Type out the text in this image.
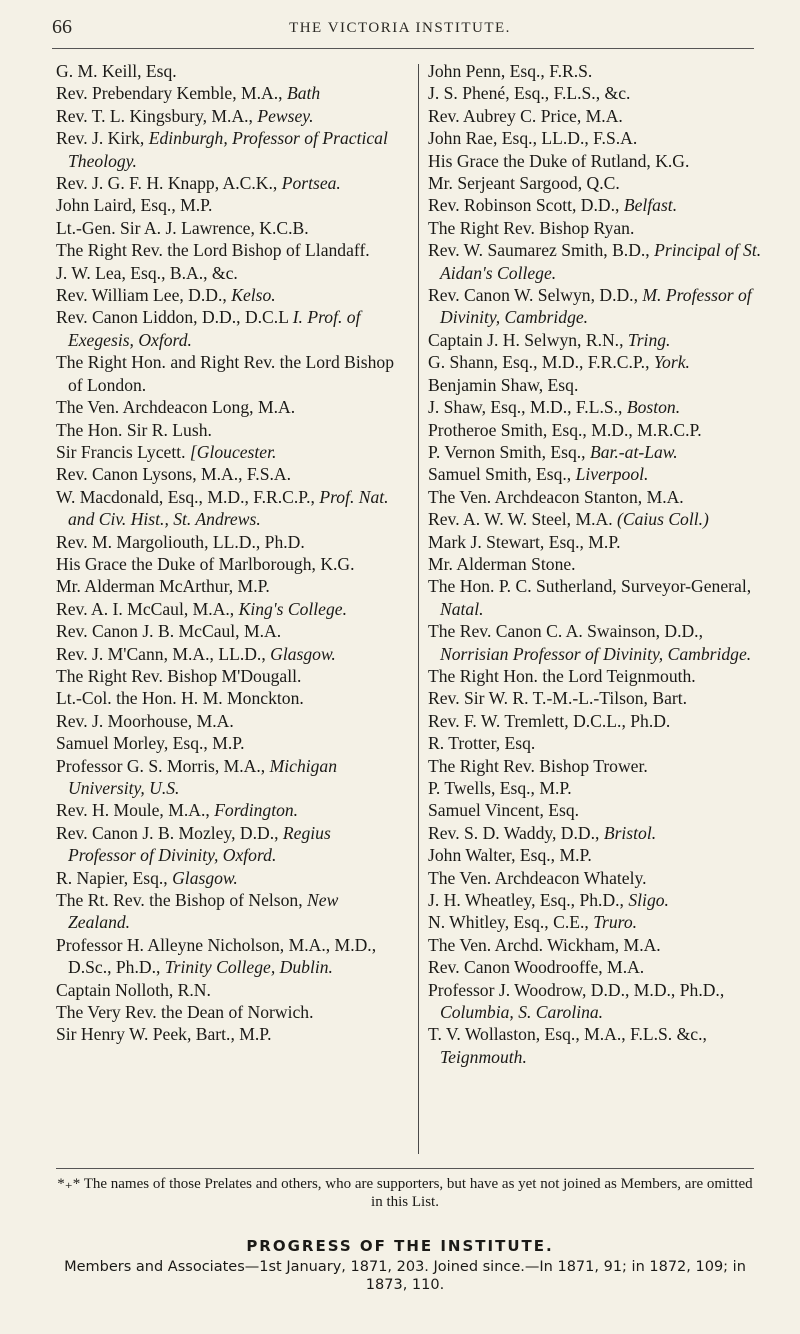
66	THE VICTORIA INSTITUTE.

G. M. Keill, Esq.

Rev. Prebendary Kemble, M.A., Bath

Rev. T. L. Kingsbury, M.A., Pewsey.

Rev. J. Kirk, Edinburgh, Professor of Practical Theology.

Rev. J. G. F. H. Knapp, A.C.K., Portsea.

John Laird, Esq., M.P.

Lt.-Gen. Sir A. J. Lawrence, K.C.B.

The Right Rev. the Lord Bishop of Llandaff.

J. W. Lea, Esq., B.A., &c.

Rev. William Lee, D.D., Kelso.

Rev. Canon Liddon, D.D., D.C.L I. Prof. of Exegesis, Oxford.

The Right Hon. and Right Rev. the Lord Bishop of London.

The Ven. Archdeacon Long, M.A.

The Hon. Sir R. Lush.

Sir Francis Lycett. [Gloucester.

Rev. Canon Lysons, M.A., F.S.A.

W. Macdonald, Esq., M.D., F.R.C.P., Prof. Nat. and Civ. Hist., St. Andrews.

Rev. M. Margoliouth, LL.D., Ph.D.

His Grace the Duke of Marlborough, K.G.

Mr. Alderman McArthur, M.P.

Rev. A. I. McCaul, M.A., King's College.

Rev. Canon J. B. McCaul, M.A.

Rev. J. M'Cann, M.A., LL.D., Glasgow.

The Right Rev. Bishop M'Dougall.

Lt.-Col. the Hon. H. M. Monckton.

Rev. J. Moorhouse, M.A.

Samuel Morley, Esq., M.P.

Professor G. S. Morris, M.A., Michigan University, U.S.

Rev. H. Moule, M.A., Fordington.

Rev. Canon J. B. Mozley, D.D., Regius Professor of Divinity, Oxford.

R. Napier, Esq., Glasgow.

The Rt. Rev. the Bishop of Nelson, New Zealand.

Professor H. Alleyne Nicholson, M.A., M.D., D.Sc., Ph.D., Trinity College, Dublin.

Captain Nolloth, R.N.

The Very Rev. the Dean of Norwich.

Sir Henry W. Peek, Bart., M.P.

John Penn, Esq., F.R.S.

J. S. Phené, Esq., F.L.S., &c.

Rev. Aubrey C. Price, M.A.

John Rae, Esq., LL.D., F.S.A.

His Grace the Duke of Rutland, K.G.

Mr. Serjeant Sargood, Q.C.

Rev. Robinson Scott, D.D., Belfast.

The Right Rev. Bishop Ryan.

Rev. W. Saumarez Smith, B.D., Principal of St. Aidan's College.

Rev. Canon W. Selwyn, D.D., M. Professor of Divinity, Cambridge.

Captain J. H. Selwyn, R.N., Tring.

G. Shann, Esq., M.D., F.R.C.P., York.

Benjamin Shaw, Esq.

J. Shaw, Esq., M.D., F.L.S., Boston.

Protheroe Smith, Esq., M.D., M.R.C.P.

P. Vernon Smith, Esq., Bar.-at-Law.

Samuel Smith, Esq., Liverpool.

The Ven. Archdeacon Stanton, M.A.

Rev. A. W. W. Steel, M.A. (Caius Coll.)

Mark J. Stewart, Esq., M.P.

Mr. Alderman Stone.

The Hon. P. C. Sutherland, Surveyor-General, Natal.

The Rev. Canon C. A. Swainson, D.D., Norrisian Professor of Divinity, Cambridge.

The Right Hon. the Lord Teignmouth.

Rev. Sir W. R. T.-M.-L.-Tilson, Bart.

Rev. F. W. Tremlett, D.C.L., Ph.D.

R. Trotter, Esq.

The Right Rev. Bishop Trower.

P. Twells, Esq., M.P.

Samuel Vincent, Esq.

Rev. S. D. Waddy, D.D., Bristol.

John Walter, Esq., M.P.

The Ven. Archdeacon Whately.

J. H. Wheatley, Esq., Ph.D., Sligo.

N. Whitley, Esq., C.E., Truro.

The Ven. Archd. Wickham, M.A.

Rev. Canon Woodrooffe, M.A.

Professor J. Woodrow, D.D., M.D., Ph.D., Columbia, S. Carolina.

T. V. Wollaston, Esq., M.A., F.L.S. &c., Teignmouth.

*₊* The names of those Prelates and others, who are supporters, but have as yet not joined as Members, are omitted in this List.
PROGRESS OF THE INSTITUTE.
Members and Associates—1st January, 1871, 203. Joined since.—In 1871, 91; in 1872, 109; in 1873, 110.
